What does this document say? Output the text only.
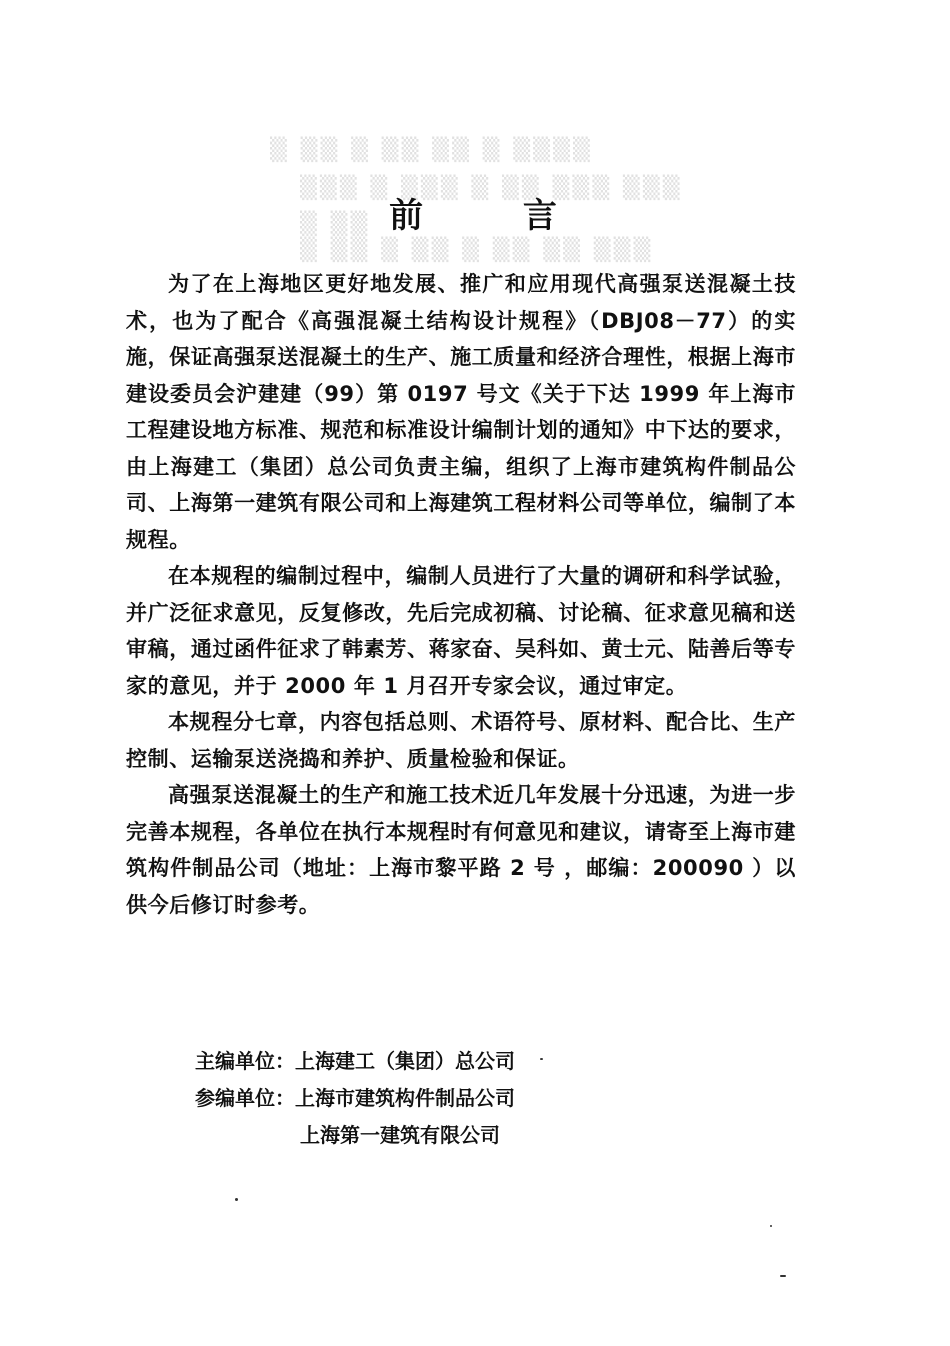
▒ ▒▒ ▒ ▒▒ ▒▒ ▒ ▒▒▒▒
▒▒▒ ▒ ▒▒▒ ▒ ▒▒ ▒▒▒ ▒▒▒
▒ ▒▒
▒ ▒▒ ▒ ▒▒ ▒ ▒▒ ▒▒ ▒▒▒
前 言

为了在上海地区更好地发展、推广和应用现代高强泵送混凝土技术，也为了配合《高强混凝土结构设计规程》（DBJ08－77）的实施，保证高强泵送混凝土的生产、施工质量和经济合理性，根据上海市建设委员会沪建建（99）第 0197 号文《关于下达 1999 年上海市工程建设地方标准、规范和标准设计编制计划的通知》中下达的要求，由上海建工（集团）总公司负责主编，组织了上海市建筑构件制品公司、上海第一建筑有限公司和上海建筑工程材料公司等单位，编制了本规程。

在本规程的编制过程中，编制人员进行了大量的调研和科学试验，并广泛征求意见，反复修改，先后完成初稿、讨论稿、征求意见稿和送审稿，通过函件征求了韩素芳、蒋家奋、吴科如、黄士元、陆善后等专家的意见，并于 2000 年 1 月召开专家会议，通过审定。

本规程分七章，内容包括总则、术语符号、原材料、配合比、生产控制、运输泵送浇捣和养护、质量检验和保证。

高强泵送混凝土的生产和施工技术近几年发展十分迅速，为进一步完善本规程，各单位在执行本规程时有何意见和建议，请寄至上海市建筑构件制品公司（地址：上海市黎平路 2 号 ，邮编：200090 ）以供今后修订时参考。

主编单位：上海建工（集团）总公司
参编单位：上海市建筑构件制品公司
上海第一建筑有限公司
